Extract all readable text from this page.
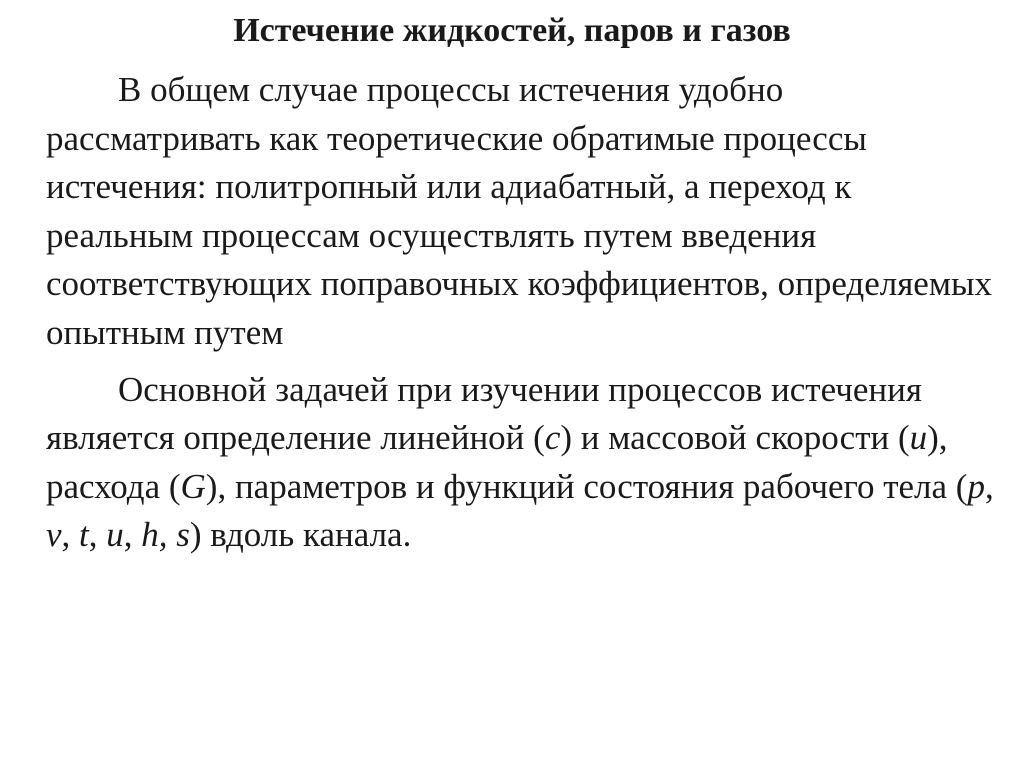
Истечение жидкостей, паров и газов

В общем случае процессы истечения удобно рассматривать как теоретические обратимые процессы истечения: политропный или адиабатный, а переход к реальным процессам осуществлять путем введения соответствующих поправочных коэффициентов, определяемых опытным путем

Основной задачей при изучении процессов истечения является определение линейной (с) и массовой скорости (u), расхода (G), параметров и функций состояния рабочего тела (p, v, t, u, h, s) вдоль канала.
